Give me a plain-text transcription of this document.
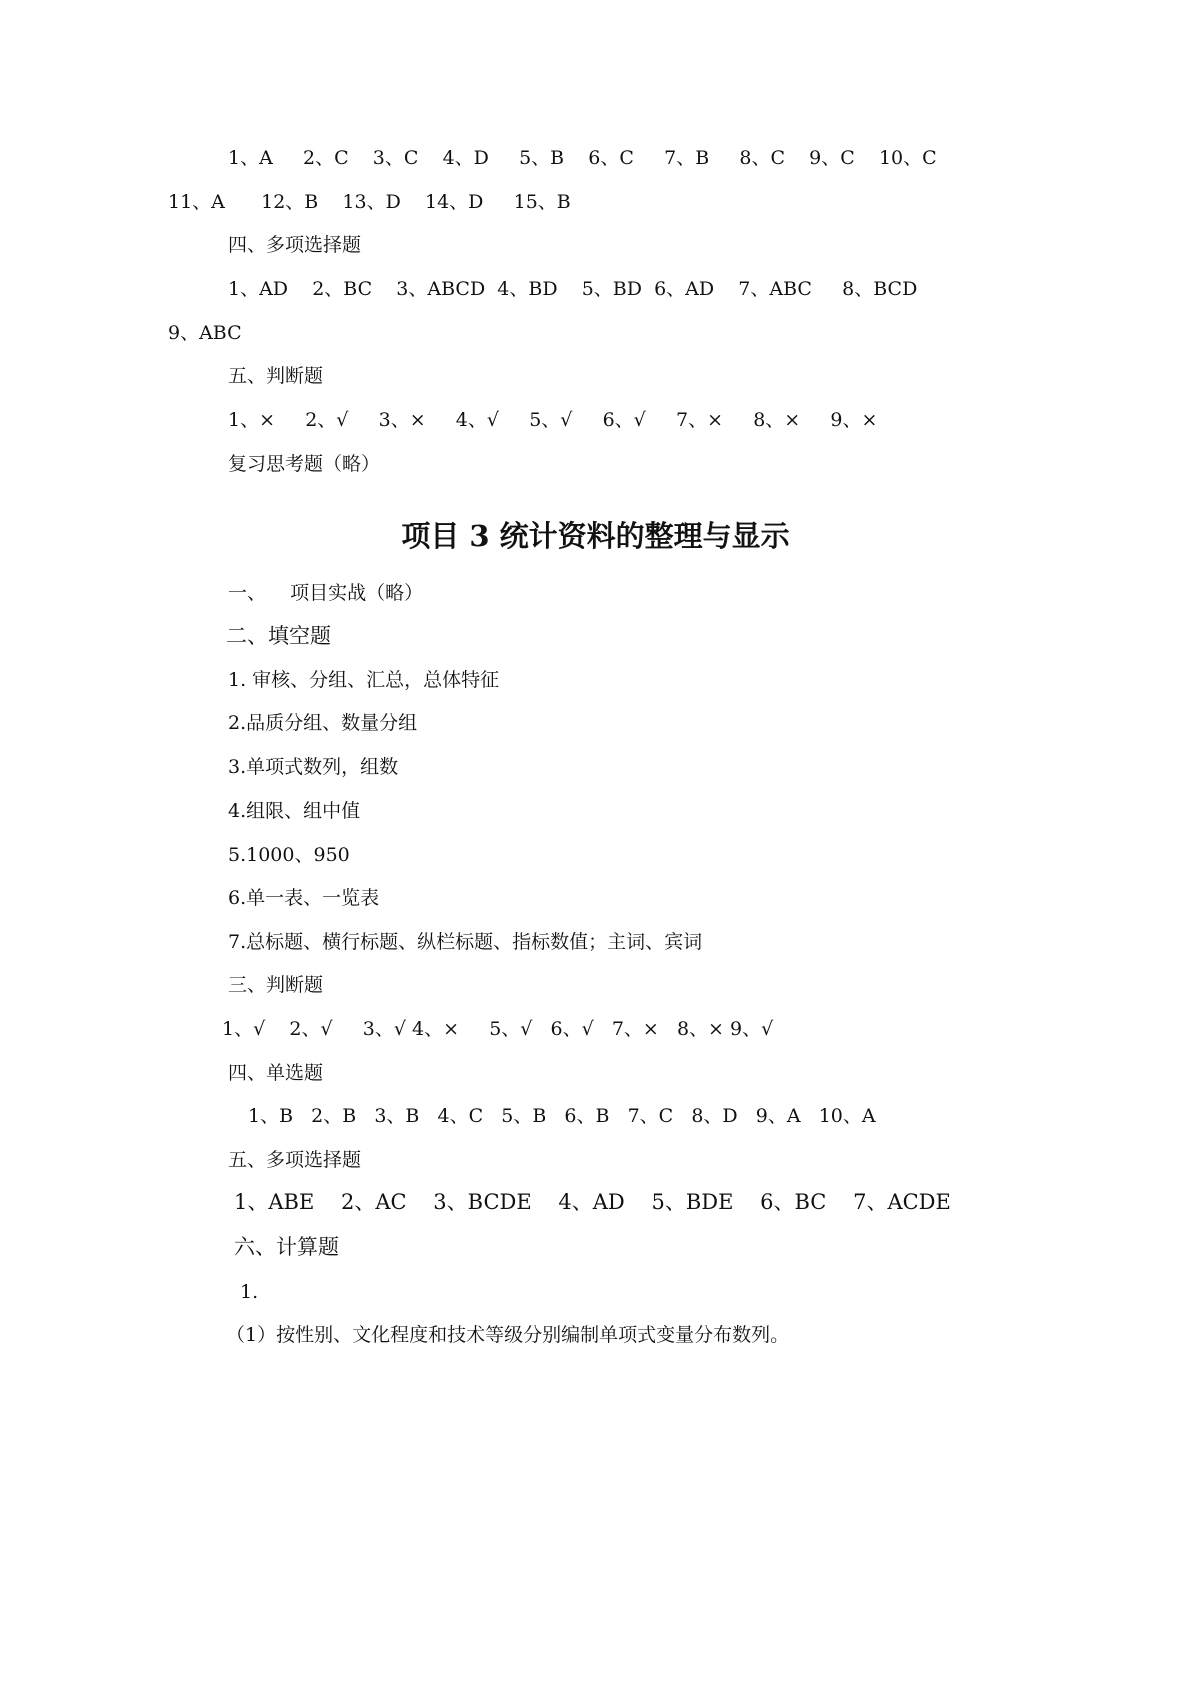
1、A     2、C    3、C    4、D     5、B    6、C     7、B     8、C    9、C    10、C
11、A      12、B    13、D    14、D     15、B
四、多项选择题
1、AD    2、BC    3、ABCD  4、BD    5、BD  6、AD    7、ABC     8、BCD
9、ABC
五、判断题
1、×     2、√     3、×     4、√     5、√     6、√     7、×     8、×     9、×
复习思考题（略）
项目 3 统计资料的整理与显示
一、    项目实战（略）
二、填空题
1. 审核、分组、汇总，总体特征
2.品质分组、数量分组
3.单项式数列，组数
4.组限、组中值
5.1000、950
6.单一表、一览表
7.总标题、横行标题、纵栏标题、指标数值；主词、宾词
三、判断题
1、√    2、√     3、√ 4、×     5、√   6、√   7、×   8、× 9、√
四、单选题
1、B   2、B   3、B   4、C   5、B   6、B   7、C   8、D   9、A   10、A
五、多项选择题
1、ABE    2、AC    3、BCDE    4、AD    5、BDE    6、BC    7、ACDE
六、计算题
1.
（1）按性别、文化程度和技术等级分别编制单项式变量分布数列。
